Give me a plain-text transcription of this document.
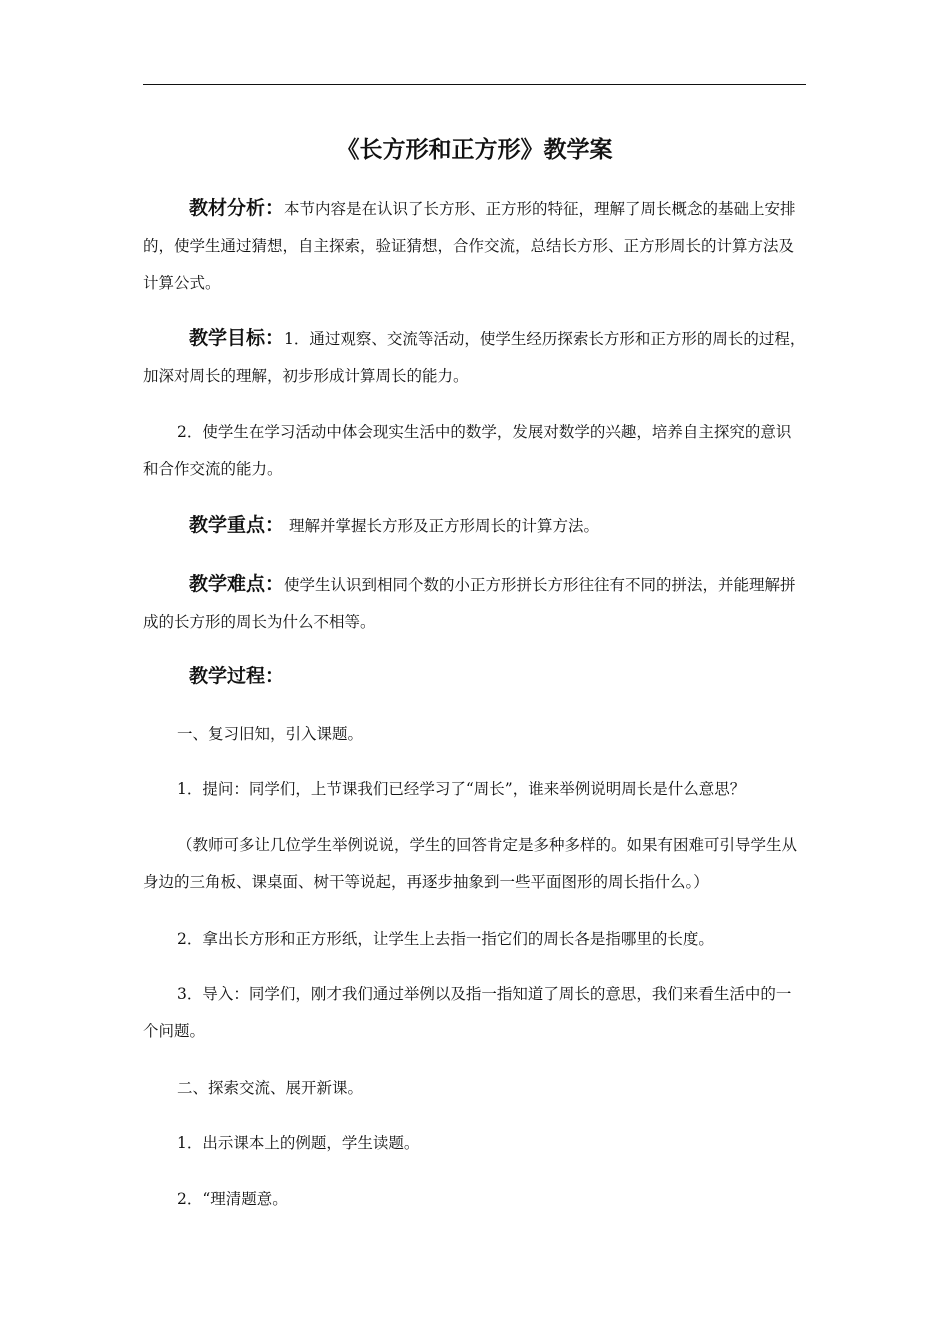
《长方形和正方形》教学案

教材分析：本节内容是在认识了长方形、正方形的特征，理解了周长概念的基础上安排的，使学生通过猜想，自主探索，验证猜想，合作交流，总结长方形、正方形周长的计算方法及计算公式。

教学目标：1．通过观察、交流等活动，使学生经历探索长方形和正方形的周长的过程，加深对周长的理解，初步形成计算周长的能力。

2．使学生在学习活动中体会现实生活中的数学，发展对数学的兴趣，培养自主探究的意识和合作交流的能力。

教学重点： 理解并掌握长方形及正方形周长的计算方法。

教学难点：使学生认识到相同个数的小正方形拼长方形往往有不同的拼法，并能理解拼成的长方形的周长为什么不相等。

教学过程：

一、复习旧知，引入课题。

1．提问：同学们，上节课我们已经学习了“周长”，谁来举例说明周长是什么意思？

（教师可多让几位学生举例说说，学生的回答肯定是多种多样的。如果有困难可引导学生从身边的三角板、课桌面、树干等说起，再逐步抽象到一些平面图形的周长指什么。）

2．拿出长方形和正方形纸，让学生上去指一指它们的周长各是指哪里的长度。

3．导入：同学们，刚才我们通过举例以及指一指知道了周长的意思，我们来看生活中的一个问题。

二、探索交流、展开新课。

1．出示课本上的例题，学生读题。

2．“理清题意。
